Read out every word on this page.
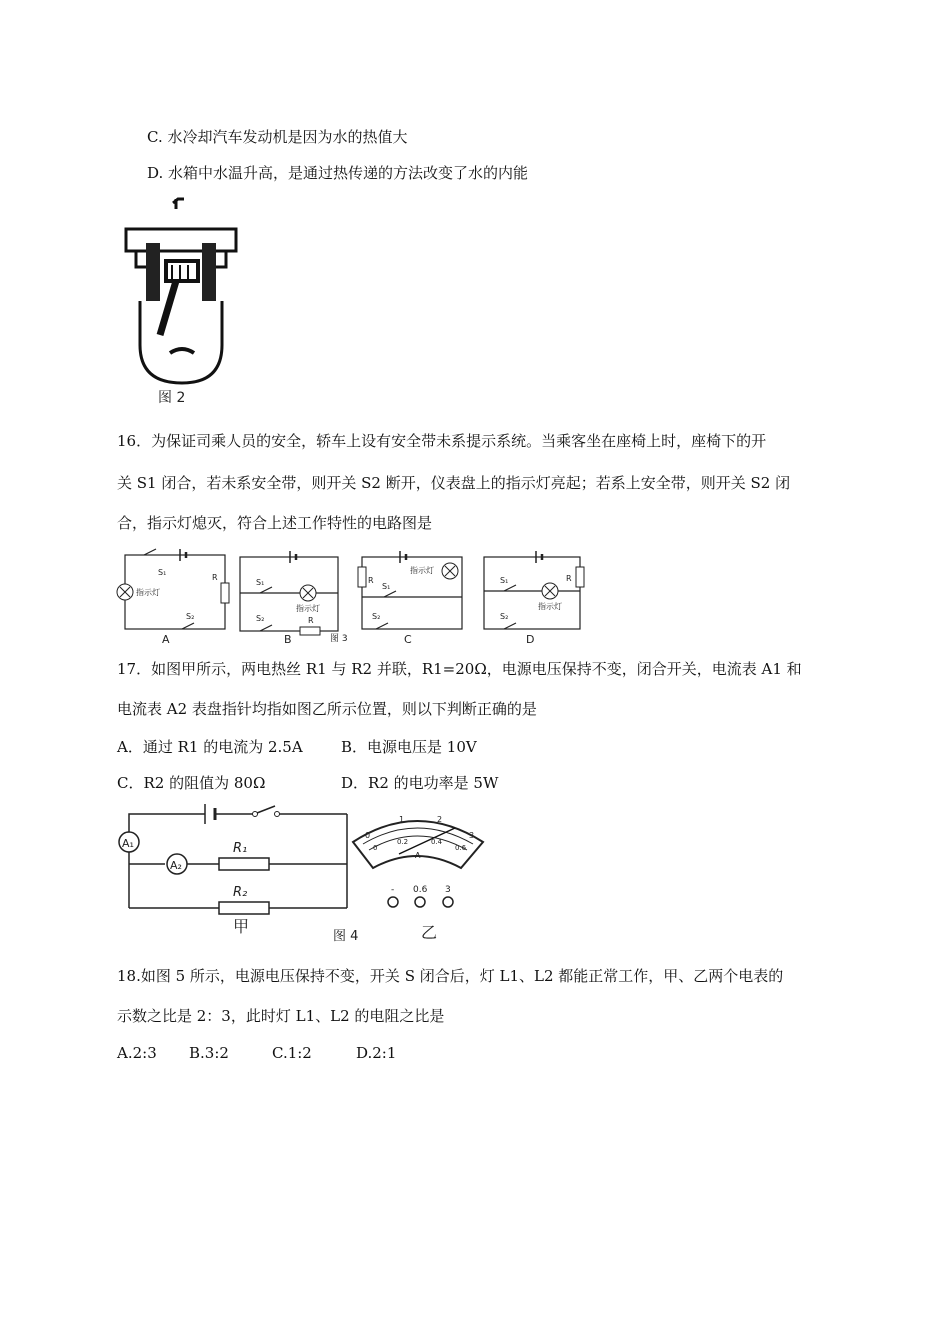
C. 水冷却汽车发动机是因为水的热值大
D. 水箱中水温升高，是通过热传递的方法改变了水的内能
图 2
16．为保证司乘人员的安全，轿车上设有安全带未系提示系统。当乘客坐在座椅上时，座椅下的开
关 S1 闭合，若未系安全带，则开关 S2 断开，仪表盘上的指示灯亮起；若系上安全带，则开关 S2 闭
合，指示灯熄灭，符合上述工作特性的电路图是
S₁
指示灯
R
S₂
A
S₁
S₂
指示灯
R
B	图 3
R
指示灯
S₁
S₂
C
S₁	R
指示灯
S₂
D
17．如图甲所示，两电热丝 R1 与 R2 并联，R1=20Ω，电源电压保持不变，闭合开关，电流表 A1 和
电流表 A2 表盘指针均指如图乙所示位置，则以下判断正确的是
A．通过 R1 的电流为 2.5A	B．电源电压是 10V
C．R2 的阻值为 80Ω	D．R2 的电功率是 5W
A₁
A₂
R₁
R₂
甲
图 4
0
1	2
3
0
0.2	0.4
0.6
A
- 0.6 3
乙
18.如图 5 所示，电源电压保持不变，开关 S 闭合后，灯 L1、L2 都能正常工作，甲、乙两个电表的
示数之比是 2：3，此时灯 L1、L2 的电阻之比是
A.2:3 B.3:2	C.1:2	D.2:1
